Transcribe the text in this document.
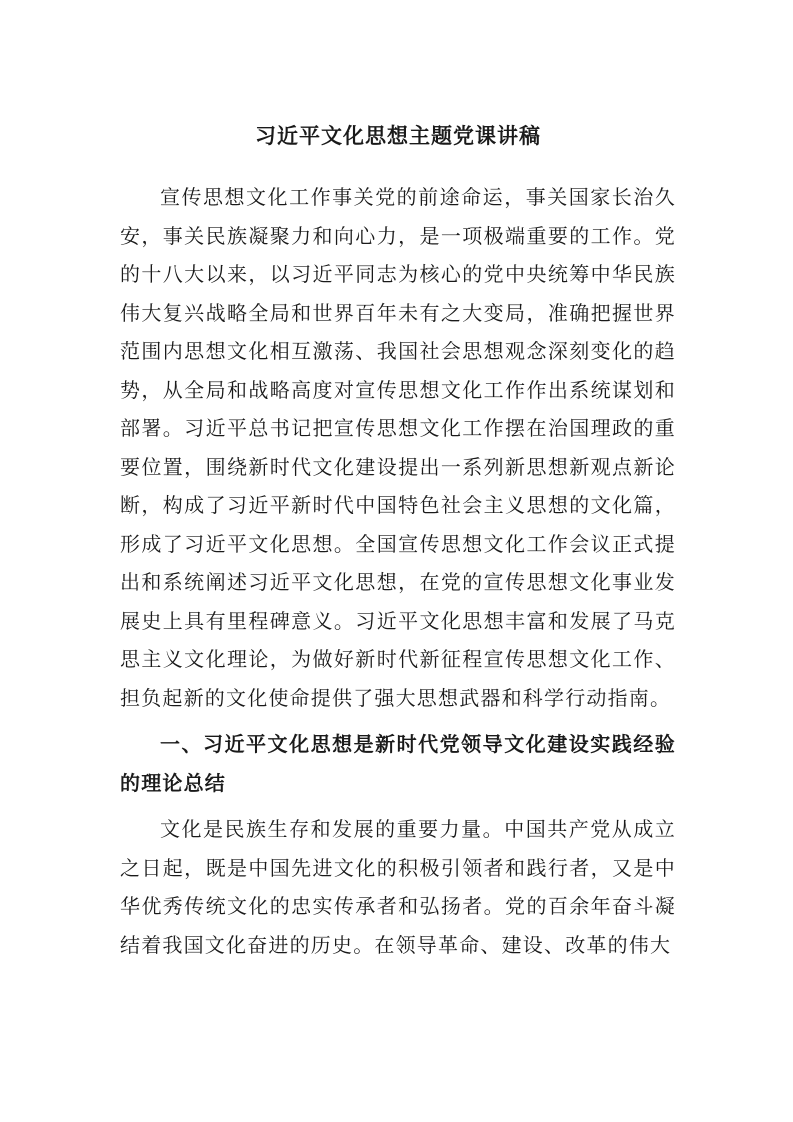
习近平文化思想主题党课讲稿

宣传思想文化工作事关党的前途命运，事关国家长治久安，事关民族凝聚力和向心力，是一项极端重要的工作。党的十八大以来，以习近平同志为核心的党中央统筹中华民族伟大复兴战略全局和世界百年未有之大变局，准确把握世界范围内思想文化相互激荡、我国社会思想观念深刻变化的趋势，从全局和战略高度对宣传思想文化工作作出系统谋划和部署。习近平总书记把宣传思想文化工作摆在治国理政的重要位置，围绕新时代文化建设提出一系列新思想新观点新论断，构成了习近平新时代中国特色社会主义思想的文化篇，形成了习近平文化思想。全国宣传思想文化工作会议正式提出和系统阐述习近平文化思想，在党的宣传思想文化事业发展史上具有里程碑意义。习近平文化思想丰富和发展了马克思主义文化理论，为做好新时代新征程宣传思想文化工作、担负起新的文化使命提供了强大思想武器和科学行动指南。

一、习近平文化思想是新时代党领导文化建设实践经验的理论总结

文化是民族生存和发展的重要力量。中国共产党从成立之日起，既是中国先进文化的积极引领者和践行者，又是中华优秀传统文化的忠实传承者和弘扬者。党的百余年奋斗凝结着我国文化奋进的历史。在领导革命、建设、改革的伟大
